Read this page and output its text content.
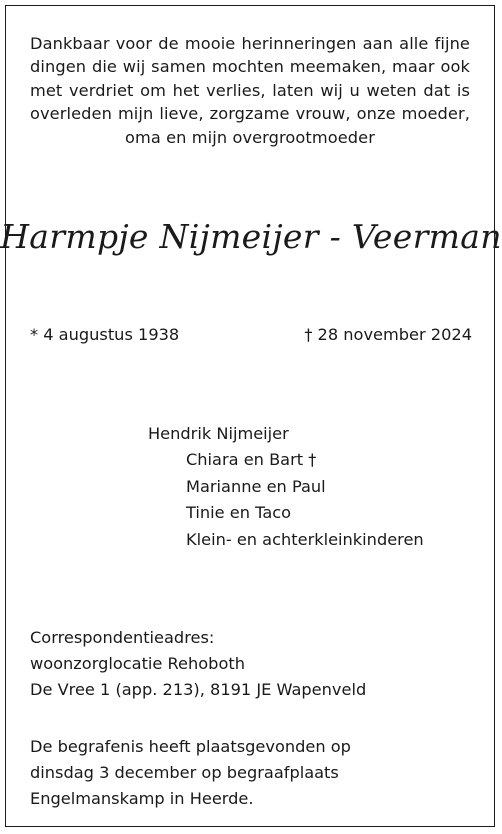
Dankbaar voor de mooie herinneringen aan alle fijne dingen die wij samen mochten meemaken, maar ook met verdriet om het verlies, laten wij u weten dat is overleden mijn lieve, zorgzame vrouw, onze moeder, oma en mijn overgrootmoeder

Harmpje Nijmeijer - Veerman
* 4 augustus 1938	† 28 november 2024
Hendrik Nijmeijer
Chiara en Bart †
Marianne en Paul
Tinie en Taco
Klein- en achterkleinkinderen
Correspondentieadres:
woonzorglocatie Rehoboth
De Vree 1 (app. 213), 8191 JE Wapenveld
De begrafenis heeft plaatsgevonden op
dinsdag 3 december op begraafplaats
Engelmanskamp in Heerde.
